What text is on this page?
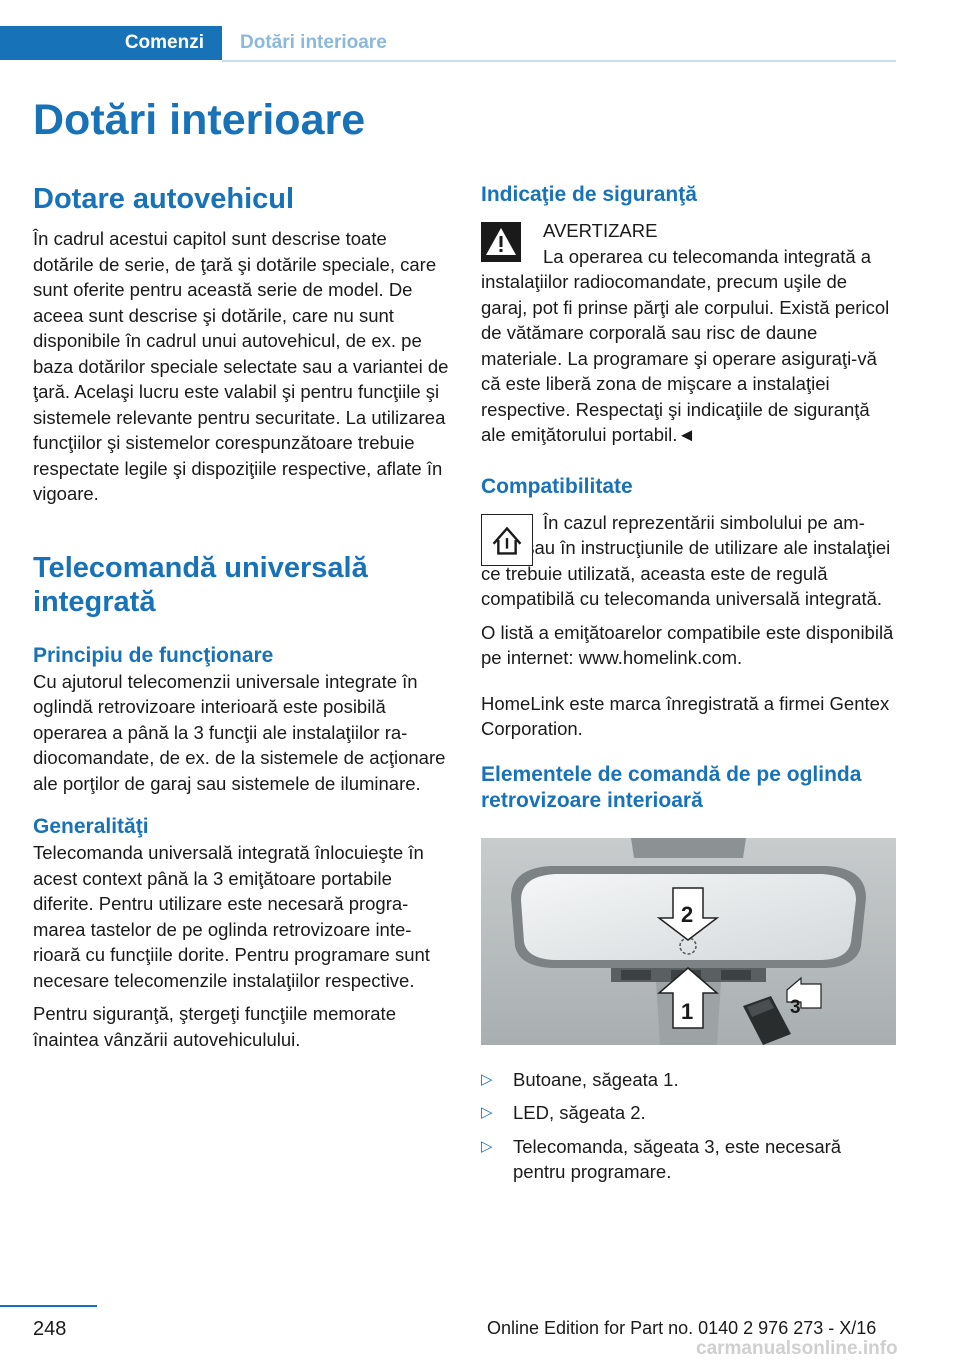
Comenzi	Dotări interioare
Dotări interioare
Dotare autovehicul
În cadrul acestui capitol sunt descrise toate dotările de serie, de ţară şi dotările speciale, care sunt oferite pentru această serie de model. De aceea sunt descrise şi dotările, care nu sunt disponibile în cadrul unui autovehicul, de ex. pe baza dotărilor speciale selectate sau a variantei de ţară. Acelaşi lucru este valabil şi pentru funcţiile şi sistemele relevante pentru securitate. La utilizarea funcţiilor şi sistemelor corespunzătoare trebuie respectate legile şi dispoziţiile respective, aflate în vigoare.
Telecomandă universală integrată
Principiu de funcţionare
Cu ajutorul telecomenzii universale integrate în oglindă retrovizoare interioară este posibilă operarea a până la 3 funcţii ale instalaţiilor radiocomandate, de ex. de la sistemele de acţionare ale porţilor de garaj sau sistemele de iluminare.
Generalităţi
Telecomanda universală integrată înlocuieşte în acest context până la 3 emiţătoare portabile diferite. Pentru utilizare este necesară programarea tastelor de pe oglinda retrovizoare interioară cu funcţiile dorite. Pentru programare sunt necesare telecomenzile instalaţiilor respective.
Pentru siguranţă, ştergeţi funcţiile memorate înaintea vânzării autovehiculului.
Indicaţie de siguranţă
AVERTIZARE
La operarea cu telecomanda integrată a instalaţiilor radiocomandate, precum uşile de garaj, pot fi prinse părţi ale corpului. Există pericol de vătămare corporală sau risc de daune materiale. La programare şi operare asiguraţi-vă că este liberă zona de mişcare a instalaţiei respective. Respectaţi şi indicaţiile de siguranţă ale emiţătorului portabil.◄
Compatibilitate
În cazul reprezentării simbolului pe ambalaj sau în instrucţiunile de utilizare ale instalaţiei ce trebuie utilizată, aceasta este de regulă compatibilă cu telecomanda universală integrată.
O listă a emiţătoarelor compatibile este disponibilă pe internet: www.homelink.com.
HomeLink este marca înregistrată a firmei Gentex Corporation.
Elementele de comandă de pe oglinda retrovizoare interioară
2
1	3
▷ Butoane, săgeata 1.
▷ LED, săgeata 2.
▷ Telecomanda, săgeata 3, este necesară pentru programare.
248	Online Edition for Part no. 0140 2 976 273 - X/16
carmanualsonline.info
